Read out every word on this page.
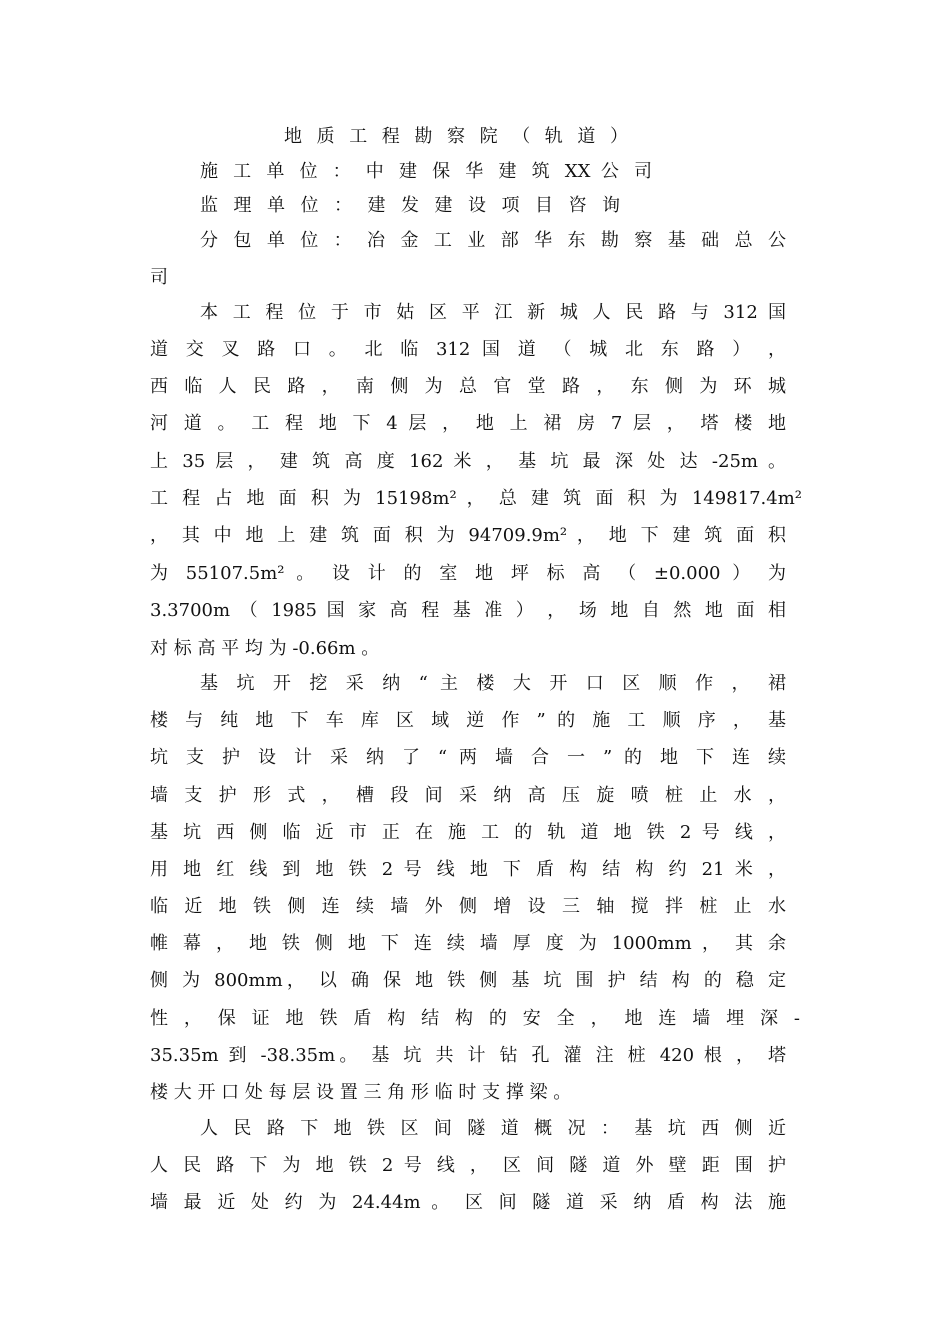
地 质 工 程 勘 察 院 （ 轨 道 ）
施 工 单 位 ： 中 建 保 华 建 筑 XX 公 司
监 理 单 位 ： 建 发 建 设 项 目 咨 询
分 包 单 位 ： 冶 金 工 业 部 华 东 勘 察 基 础 总 公
司
本 工 程 位 于 市 姑 区 平 江 新 城 人 民 路 与 312 国
道 交 叉 路 口 。 北 临 312 国 道 （ 城 北 东 路 ） ，
西 临 人 民 路 ， 南 侧 为 总 官 堂 路 ， 东 侧 为 环 城
河 道 。 工 程 地 下 4 层 ， 地 上 裙 房 7 层 ， 塔 楼 地
上 35 层 ， 建 筑 高 度 162 米 ， 基 坑 最 深 处 达 -25m 。
工 程 占 地 面 积 为 15198m² ， 总 建 筑 面 积 为 149817.4m²
， 其 中 地 上 建 筑 面 积 为 94709.9m² ， 地 下 建 筑 面 积
为 55107.5m² 。 设 计 的 室 地 坪 标 高 （ ±0.000 ） 为
3.3700m （ 1985 国 家 高 程 基 准 ） ， 场 地 自 然 地 面 相
对 标 高 平 均 为 -0.66m 。
基 坑 开 挖 采 纳 “ 主 楼 大 开 口 区 顺 作 ， 裙
楼 与 纯 地 下 车 库 区 域 逆 作 ” 的 施 工 顺 序 ， 基
坑 支 护 设 计 采 纳 了 “ 两 墙 合 一 ” 的 地 下 连 续
墙 支 护 形 式 ， 槽 段 间 采 纳 高 压 旋 喷 桩 止 水 ，
基 坑 西 侧 临 近 市 正 在 施 工 的 轨 道 地 铁 2 号 线 ，
用 地 红 线 到 地 铁 2 号 线 地 下 盾 构 结 构 约 21 米 ，
临 近 地 铁 侧 连 续 墙 外 侧 增 设 三 轴 搅 拌 桩 止 水
帷 幕 ， 地 铁 侧 地 下 连 续 墙 厚 度 为 1000mm ， 其 余
侧 为 800mm， 以 确 保 地 铁 侧 基 坑 围 护 结 构 的 稳 定
性 ， 保 证 地 铁 盾 构 结 构 的 安 全 ， 地 连 墙 埋 深 -
35.35m 到 -38.35m。 基 坑 共 计 钻 孔 灌 注 桩 420 根 ， 塔
楼 大 开 口 处 每 层 设 置 三 角 形 临 时 支 撑 梁 。
人 民 路 下 地 铁 区 间 隧 道 概 况 ： 基 坑 西 侧 近
人 民 路 下 为 地 铁 2 号 线 ， 区 间 隧 道 外 壁 距 围 护
墙 最 近 处 约 为 24.44m 。 区 间 隧 道 采 纳 盾 构 法 施
